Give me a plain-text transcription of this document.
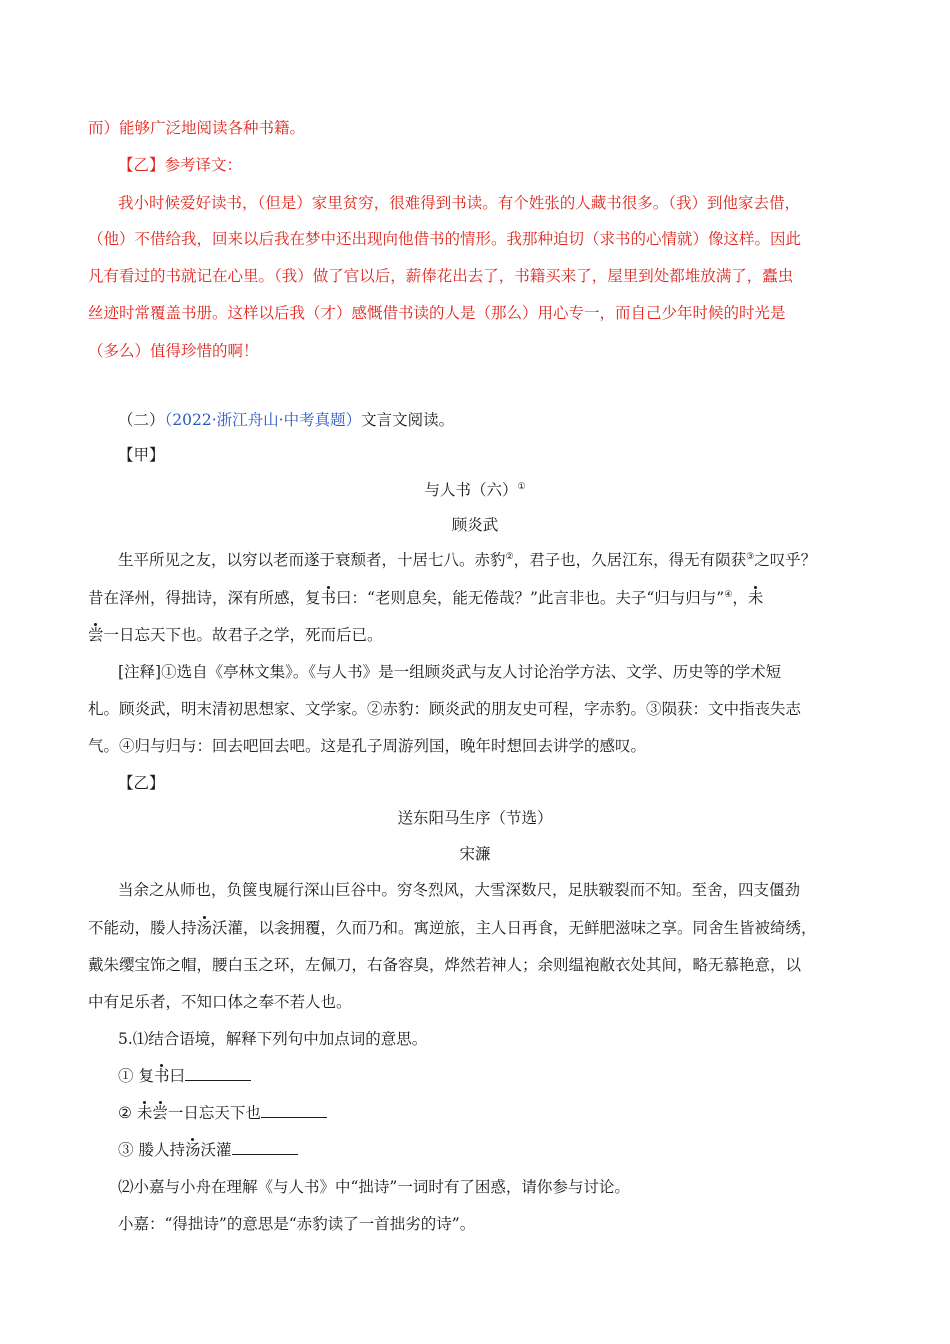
而）能够广泛地阅读各种书籍。
【乙】参考译文：
我小时候爱好读书，（但是）家里贫穷，很难得到书读。有个姓张的人藏书很多。（我）到他家去借，
（他）不借给我，回来以后我在梦中还出现向他借书的情形。我那种迫切（求书的心情就）像这样。因此
凡有看过的书就记在心里。（我）做了官以后，薪俸花出去了，书籍买来了，屋里到处都堆放满了，蠹虫
丝迹时常覆盖书册。这样以后我（才）感慨借书读的人是（那么）用心专一，而自己少年时候的时光是
（多么）值得珍惜的啊！
（二）（2022·浙江舟山·中考真题）文言文阅读。
【甲】
与人书（六）①
顾炎武
生平所见之友，以穷以老而遂于衰颓者，十居七八。赤豹②，君子也，久居江东，得无有陨获③之叹乎？
昔在泽州，得拙诗，深有所感，复书曰：“老则息矣，能无倦哉？”此言非也。夫子“归与归与”④，未
尝一日忘天下也。故君子之学，死而后已。
[注释]①选自《亭林文集》。《与人书》是一组顾炎武与友人讨论治学方法、文学、历史等的学术短
札。顾炎武，明末清初思想家、文学家。②赤豹：顾炎武的朋友史可程，字赤豹。③陨获：文中指丧失志
气。④归与归与：回去吧回去吧。这是孔子周游列国，晚年时想回去讲学的感叹。
【乙】
送东阳马生序（节选）
宋濂
当余之从师也，负箧曳屣行深山巨谷中。穷冬烈风，大雪深数尺，足肤皲裂而不知。至舍，四支僵劲
不能动，媵人持汤沃灌，以衾拥覆，久而乃和。寓逆旅，主人日再食，无鲜肥滋味之享。同舍生皆被绮绣，
戴朱缨宝饰之帽，腰白玉之环，左佩刀，右备容臭，烨然若神人；余则缊袍敝衣处其间，略无慕艳意，以
中有足乐者，不知口体之奉不若人也。
5.⑴结合语境，解释下列句中加点词的意思。
① 复书曰
② 未尝一日忘天下也
③ 媵人持汤沃灌
⑵小嘉与小舟在理解《与人书》中“拙诗”一词时有了困惑，请你参与讨论。
小嘉：“得拙诗”的意思是“赤豹读了一首拙劣的诗”。
